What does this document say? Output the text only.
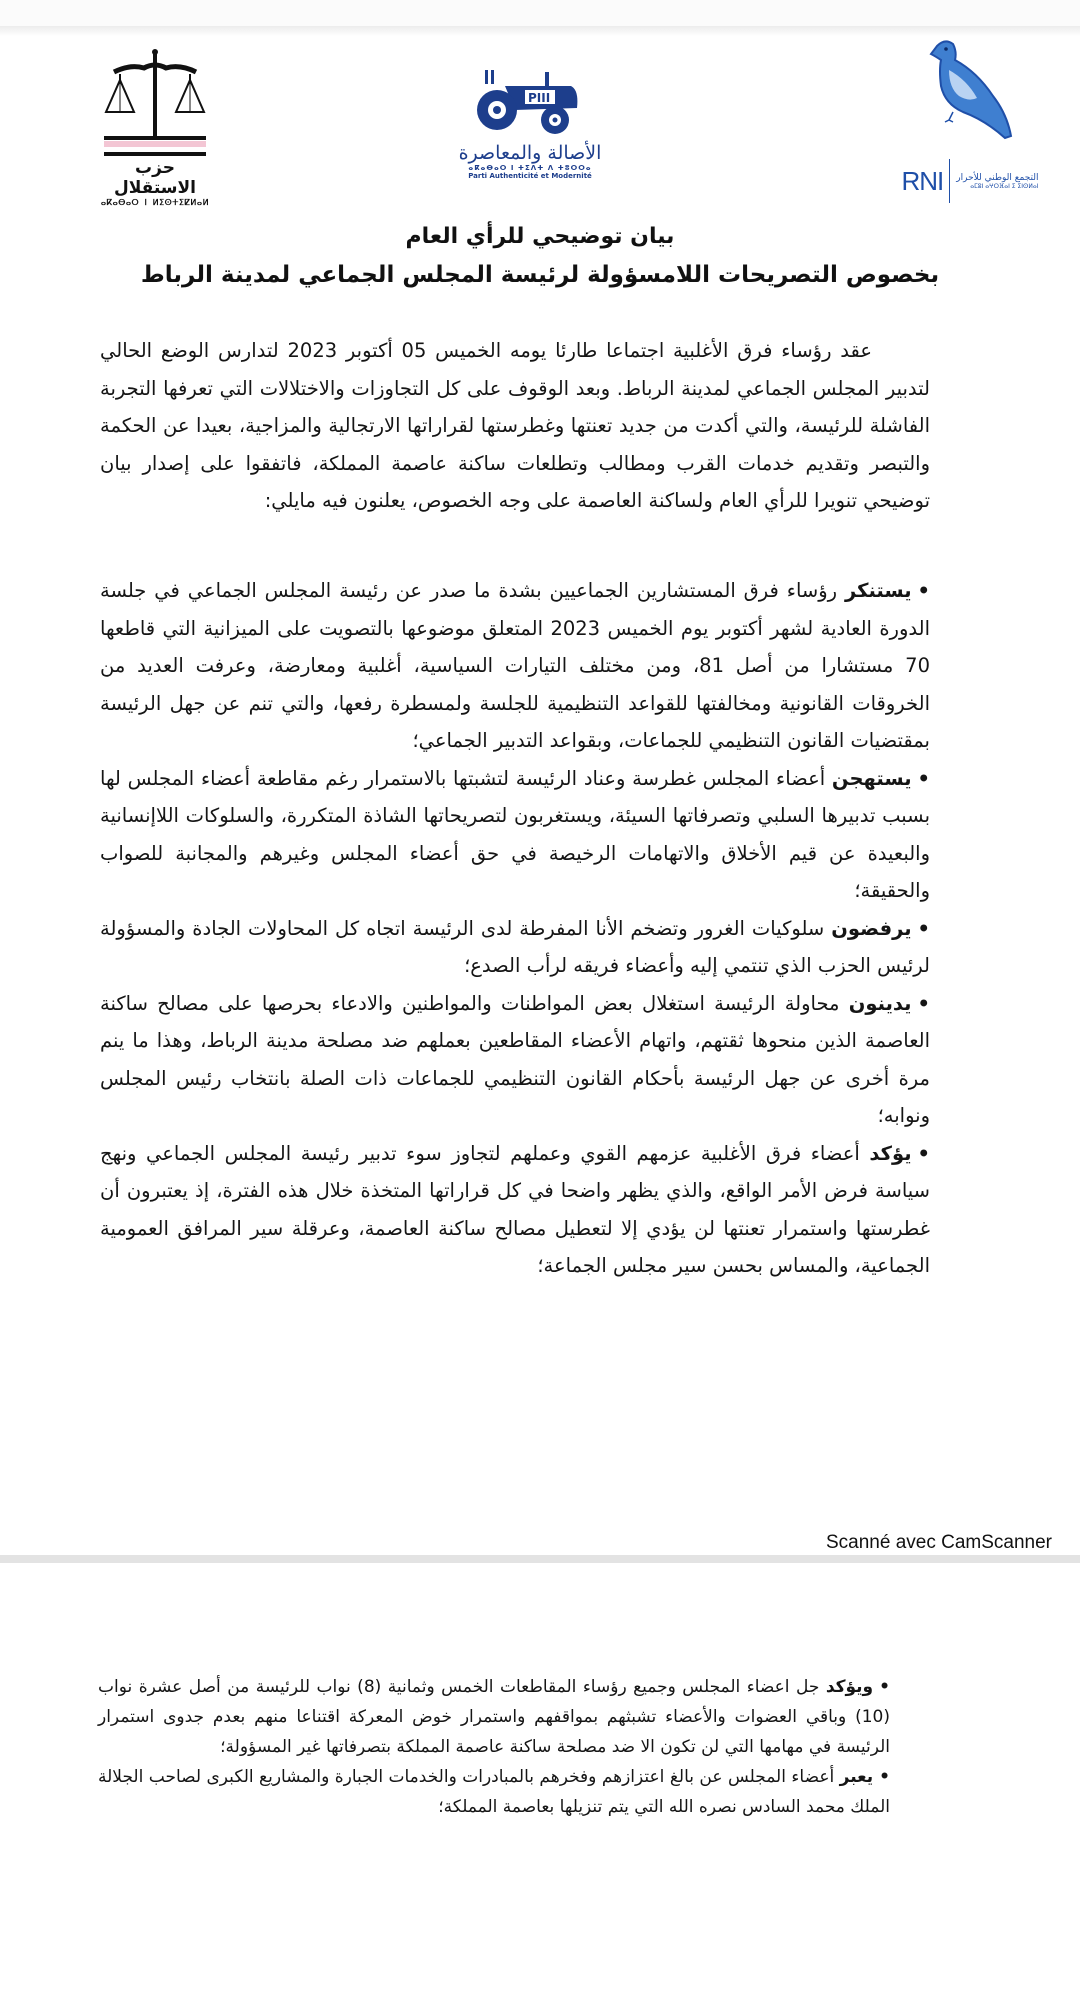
حزب الاستقلال
ⴰⴽⴰⴱⴰⵔ ⵏ ⵍⵉⵙⵜⵉⵇⵍⴰⵍ
PIII
الأصالة والمعاصرة
ⴰⴽⴰⴱⴰⵔ ⵏ ⵜⵉⴷⵜ ⴷ ⵜⵓⵔⵔⴰ
Parti Authenticité et Modernité	RNI التجمع الوطني للأحرار
ⴰⵎⵓⵏ ⴰⵖⵔⴼⴰⵏ ⵉ ⵉⵏⵙⵍⴰⵏ
بيان توضيحي للرأي العام
بخصوص التصريحات اللامسؤولة لرئيسة المجلس الجماعي لمدينة الرباط

عقد رؤساء فرق الأغلبية اجتماعا طارئا يومه الخميس 05 أكتوبر 2023 لتدارس الوضع الحالي لتدبير المجلس الجماعي لمدينة الرباط. وبعد الوقوف على كل التجاوزات والاختلالات التي تعرفها التجربة الفاشلة للرئيسة، والتي أكدت من جديد تعنتها وغطرستها لقراراتها الارتجالية والمزاجية، بعيدا عن الحكمة والتبصر وتقديم خدمات القرب ومطالب وتطلعات ساكنة عاصمة المملكة، فاتفقوا على إصدار بيان توضيحي تنويرا للرأي العام ولساكنة العاصمة على وجه الخصوص، يعلنون فيه مايلي:

•يستنكر رؤساء فرق المستشارين الجماعيين بشدة ما صدر عن رئيسة المجلس الجماعي في جلسة الدورة العادية لشهر أكتوبر يوم الخميس 2023 المتعلق موضوعها بالتصويت على الميزانية التي قاطعها 70 مستشارا من أصل 81، ومن مختلف التيارات السياسية، أغلبية ومعارضة، وعرفت العديد من الخروقات القانونية ومخالفتها للقواعد التنظيمية للجلسة ولمسطرة رفعها، والتي تنم عن جهل الرئيسة بمقتضيات القانون التنظيمي للجماعات، وبقواعد التدبير الجماعي؛

•يستهجن أعضاء المجلس غطرسة وعناد الرئيسة لتشبتها بالاستمرار رغم مقاطعة أعضاء المجلس لها بسبب تدبيرها السلبي وتصرفاتها السيئة، ويستغربون لتصريحاتها الشاذة المتكررة، والسلوكات اللاإنسانية والبعيدة عن قيم الأخلاق والاتهامات الرخيصة في حق أعضاء المجلس وغيرهم والمجانبة للصواب والحقيقة؛

•يرفضون سلوكيات الغرور وتضخم الأنا المفرطة لدى الرئيسة اتجاه كل المحاولات الجادة والمسؤولة لرئيس الحزب الذي تنتمي إليه وأعضاء فريقه لرأب الصدع؛

•يدينون محاولة الرئيسة استغلال بعض المواطنات والمواطنين والادعاء بحرصها على مصالح ساكنة العاصمة الذين منحوها ثقتهم، واتهام الأعضاء المقاطعين بعملهم ضد مصلحة مدينة الرباط، وهذا ما ينم مرة أخرى عن جهل الرئيسة بأحكام القانون التنظيمي للجماعات ذات الصلة بانتخاب رئيس المجلس ونوابه؛

•يؤكد أعضاء فرق الأغلبية عزمهم القوي وعملهم لتجاوز سوء تدبير رئيسة المجلس الجماعي ونهج سياسة فرض الأمر الواقع، والذي يظهر واضحا في كل قراراتها المتخذة خلال هذه الفترة، إذ يعتبرون أن غطرستها واستمرار تعنتها لن يؤدي إلا لتعطيل مصالح ساكنة العاصمة، وعرقلة سير المرافق العمومية الجماعية، والمساس بحسن سير مجلس الجماعة؛

Scanné avec CamScanner

•ويؤكد جل اعضاء المجلس وجميع رؤساء المقاطعات الخمس وثمانية (8) نواب للرئيسة من أصل عشرة نواب (10) وباقي العضوات والأعضاء تشبثهم بمواقفهم واستمرار خوض المعركة اقتناعا منهم بعدم جدوى استمرار الرئيسة في مهامها التي لن تكون الا ضد مصلحة ساكنة عاصمة المملكة بتصرفاتها غير المسؤولة؛

•يعبر أعضاء المجلس عن بالغ اعتزازهم وفخرهم بالمبادرات والخدمات الجبارة والمشاريع الكبرى لصاحب الجلالة الملك محمد السادس نصره الله التي يتم تنزيلها بعاصمة المملكة؛
